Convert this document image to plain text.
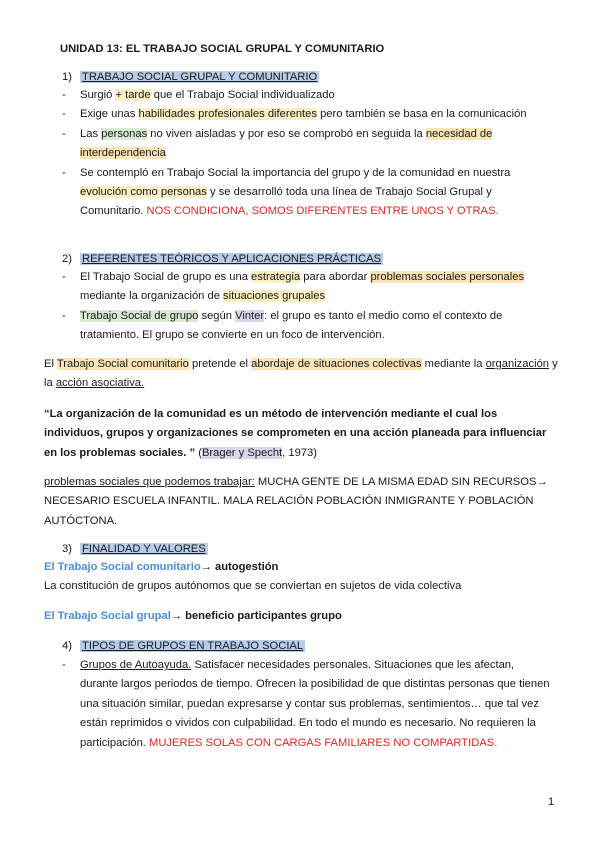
UNIDAD 13: EL TRABAJO SOCIAL GRUPAL Y COMUNITARIO
1) TRABAJO SOCIAL GRUPAL Y COMUNITARIO
- Surgió + tarde que el Trabajo Social individualizado
- Exige unas habilidades profesionales diferentes pero también se basa en la comunicación
- Las personas no viven aisladas y por eso se comprobó en seguida la necesidad de interdependencia
- Se contempló en Trabajo Social la importancia del grupo y de la comunidad en nuestra evolución como personas y se desarrolló toda una línea de Trabajo Social Grupal y Comunitario. NOS CONDICIONA, SOMOS DIFERENTES ENTRE UNOS Y OTRAS.
2) REFERENTES TEÓRICOS Y APLICACIONES PRÁCTICAS
- El Trabajo Social de grupo es una estrategia para abordar problemas sociales personales mediante la organización de situaciones grupales
- Trabajo Social de grupo según Vinter: el grupo es tanto el medio como el contexto de tratamiento. El grupo se convierte en un foco de intervención.
El Trabajo Social comunitario pretende el abordaje de situaciones colectivas mediante la organización y la acción asociativa.
“La organización de la comunidad es un método de intervención mediante el cual los individuos, grupos y organizaciones se comprometen en una acción planeada para influenciar en los problemas sociales. ” (Brager y Specht, 1973)
problemas sociales que podemos trabajar: MUCHA GENTE DE LA MISMA EDAD SIN RECURSOS→ NECESARIO ESCUELA INFANTIL. MALA RELACIÓN POBLACIÓN INMIGRANTE Y POBLACIÓN AUTÓCTONA.
3) FINALIDAD Y VALORES
El Trabajo Social comunitario→ autogestión
La constitución de grupos autónomos que se conviertan en sujetos de vida colectiva
El Trabajo Social grupal→ beneficio participantes grupo
4) TIPOS DE GRUPOS EN TRABAJO SOCIAL
- Grupos de Autoayuda. Satisfacer necesidades personales. Situaciones que les afectan, durante largos periodos de tiempo. Ofrecen la posibilidad de que distintas personas que tienen una situación similar, puedan expresarse y contar sus problemas, sentimientos… que tal vez están reprimidos o vividos con culpabilidad. En todo el mundo es necesario. No requieren la participación. MUJERES SOLAS CON CARGAS FAMILIARES NO COMPARTIDAS.
1
